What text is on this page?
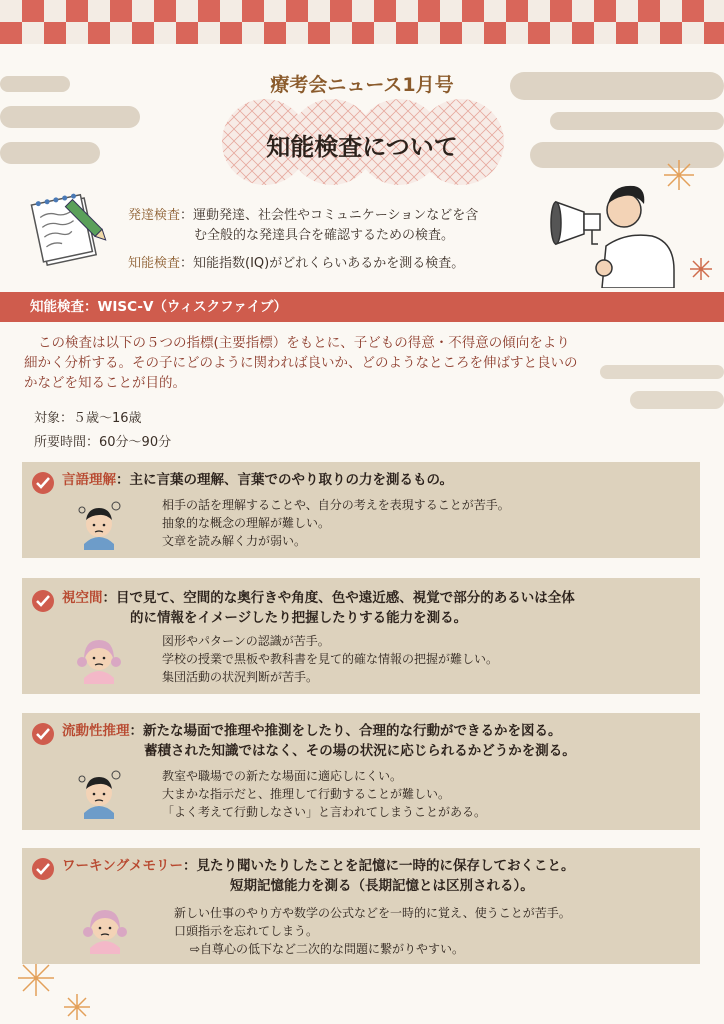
療考会ニュース1月号
知能検査について
発達検査 ：運動発達、社会性やコミュニケーションなどを含
む全般的な発達具合を確認するための検査。
知能検査 ：知能指数(IQ)がどれくらいあるかを測る検査。
知能検査：WISC-Ⅴ（ウィスクファイブ）
この検査は以下の５つの指標(主要指標）をもとに、子どもの得意・不得意の傾向をより
細かく分析する。その子にどのように関われば良いか、どのようなところを伸ばすと良いの
かなどを知ることが目的。
対象：５歳～16歳
所要時間：60分～90分
言語理解：主に言葉の理解、言葉でのやり取りの力を測るもの。
相手の話を理解することや、自分の考えを表現することが苦手。
抽象的な概念の理解が難しい。
文章を読み解く力が弱い。
視空間：目で見て、空間的な奥行きや角度、色や遠近感、視覚で部分的あるいは全体
的に情報をイメージしたり把握したりする能力を測る。
図形やパターンの認識が苦手。
学校の授業で黒板や教科書を見て的確な情報の把握が難しい。
集団活動の状況判断が苦手。
流動性推理：新たな場面で推理や推測をしたり、合理的な行動ができるかを図る。
蓄積された知識ではなく、その場の状況に応じられるかどうかを測る。
教室や職場での新たな場面に適応しにくい。
大まかな指示だと、推理して行動することが難しい。
「よく考えて行動しなさい」と言われてしまうことがある。
ワーキングメモリー：見たり聞いたりしたことを記憶に一時的に保存しておくこと。
短期記憶能力を測る（長期記憶とは区別される）。
新しい仕事のやり方や数学の公式などを一時的に覚え、使うことが苦手。
口頭指示を忘れてしまう。
⇨自尊心の低下など二次的な問題に繋がりやすい。
